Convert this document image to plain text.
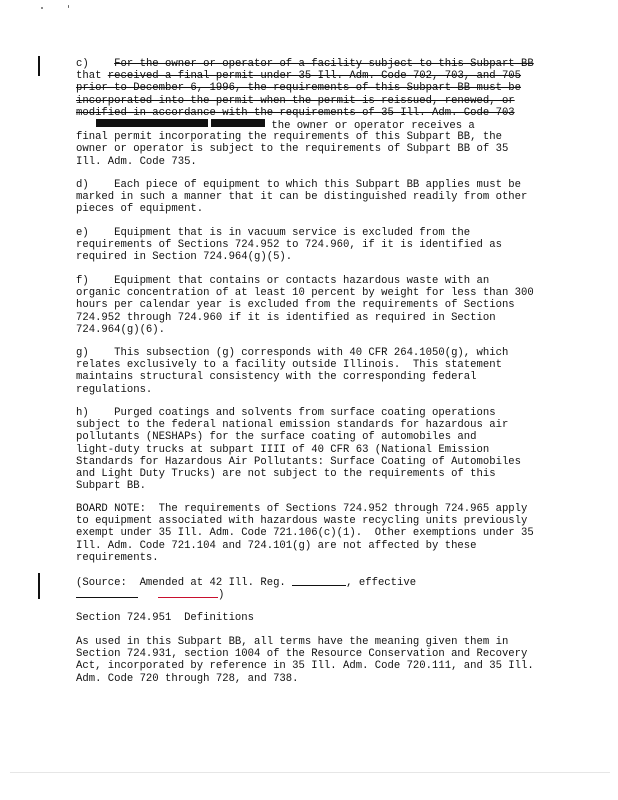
c)    For the owner or operator of a facility subject to this Subpart BB
that received a final permit under 35 Ill. Adm. Code 702, 703, and 705
prior to December 6, 1996, the requirements of this Subpart BB must be
incorporated into the permit when the permit is reissued, renewed, or
modified in accordance with the requirements of 35 Ill. Adm. Code 703
the owner or operator receives a
final permit incorporating the requirements of this Subpart BB, the
owner or operator is subject to the requirements of Subpart BB of 35
Ill. Adm. Code 735.
d)    Each piece of equipment to which this Subpart BB applies must be
marked in such a manner that it can be distinguished readily from other
pieces of equipment.
e)    Equipment that is in vacuum service is excluded from the
requirements of Sections 724.952 to 724.960, if it is identified as
required in Section 724.964(g)(5).
f)    Equipment that contains or contacts hazardous waste with an
organic concentration of at least 10 percent by weight for less than 300
hours per calendar year is excluded from the requirements of Sections
724.952 through 724.960 if it is identified as required in Section
724.964(g)(6).
g)    This subsection (g) corresponds with 40 CFR 264.1050(g), which
relates exclusively to a facility outside Illinois.  This statement
maintains structural consistency with the corresponding federal
regulations.
h)    Purged coatings and solvents from surface coating operations
subject to the federal national emission standards for hazardous air
pollutants (NESHAPs) for the surface coating of automobiles and
light-duty trucks at subpart IIII of 40 CFR 63 (National Emission
Standards for Hazardous Air Pollutants: Surface Coating of Automobiles
and Light Duty Trucks) are not subject to the requirements of this
Subpart BB.
BOARD NOTE:  The requirements of Sections 724.952 through 724.965 apply
to equipment associated with hazardous waste recycling units previously
exempt under 35 Ill. Adm. Code 721.106(c)(1).  Other exemptions under 35
Ill. Adm. Code 721.104 and 724.101(g) are not affected by these
requirements.
(Source:  Amended at 42 Ill. Reg.	, effective
)
Section 724.951  Definitions
As used in this Subpart BB, all terms have the meaning given them in
Section 724.931, section 1004 of the Resource Conservation and Recovery
Act, incorporated by reference in 35 Ill. Adm. Code 720.111, and 35 Ill.
Adm. Code 720 through 728, and 738.
